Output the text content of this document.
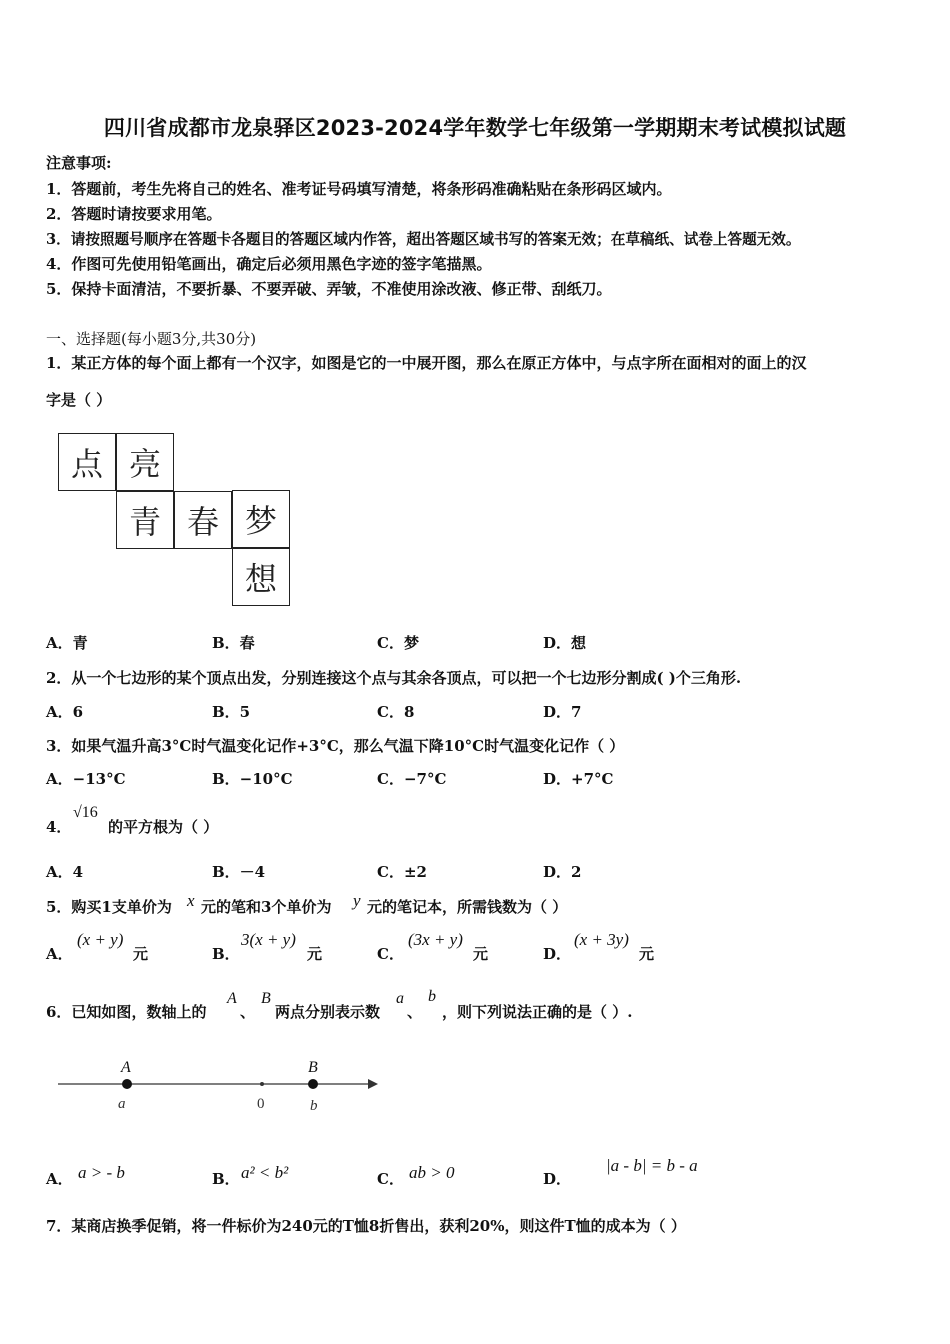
四川省成都市龙泉驿区2023-2024学年数学七年级第一学期期末考试模拟试题
注意事项:
1．答题前，考生先将自己的姓名、准考证号码填写清楚，将条形码准确粘贴在条形码区域内。
2．答题时请按要求用笔。
3．请按照题号顺序在答题卡各题目的答题区域内作答，超出答题区域书写的答案无效；在草稿纸、试卷上答题无效。
4．作图可先使用铅笔画出，确定后必须用黑色字迹的签字笔描黑。
5．保持卡面清洁，不要折暴、不要弄破、弄皱，不准使用涂改液、修正带、刮纸刀。
一、选择题(每小题3分,共30分)
1．某正方体的每个面上都有一个汉字，如图是它的一中展开图，那么在原正方体中，与点字所在面相对的面上的汉
字是（ ）
点 亮
青 春 梦
想
A．青	B．春	C．梦	D．想
2．从一个七边形的某个顶点出发，分别连接这个点与其余各顶点，可以把一个七边形分割成( )个三角形.
A．6	B．5	C．8	D．7
3．如果气温升高3°C时气温变化记作+3°C，那么气温下降10°C时气温变化记作（ ）
A．−13°C	B．−10°C	C．−7°C	D．+7°C
4．
√16
的平方根为（ ）
A．4	B．－4	C．±2	D．2
5．购买1支单价为 x 元的笔和3个单价为 y 元的笔记本，所需钱数为（ ）
A．
(x + y)
元	B．
3(x + y)
元	C．
(3x + y)
元	D．
(x + 3y)
元
6．已知如图，数轴上的
A
、
B
两点分别表示数
a
、
b
，则下列说法正确的是（ ）.
A	B
a	0	b
A． a > - b	B． a² < b²	C． ab > 0	D．
|a - b| = b - a
7．某商店换季促销，将一件标价为240元的T恤8折售出，获利20%，则这件T恤的成本为（ ）
